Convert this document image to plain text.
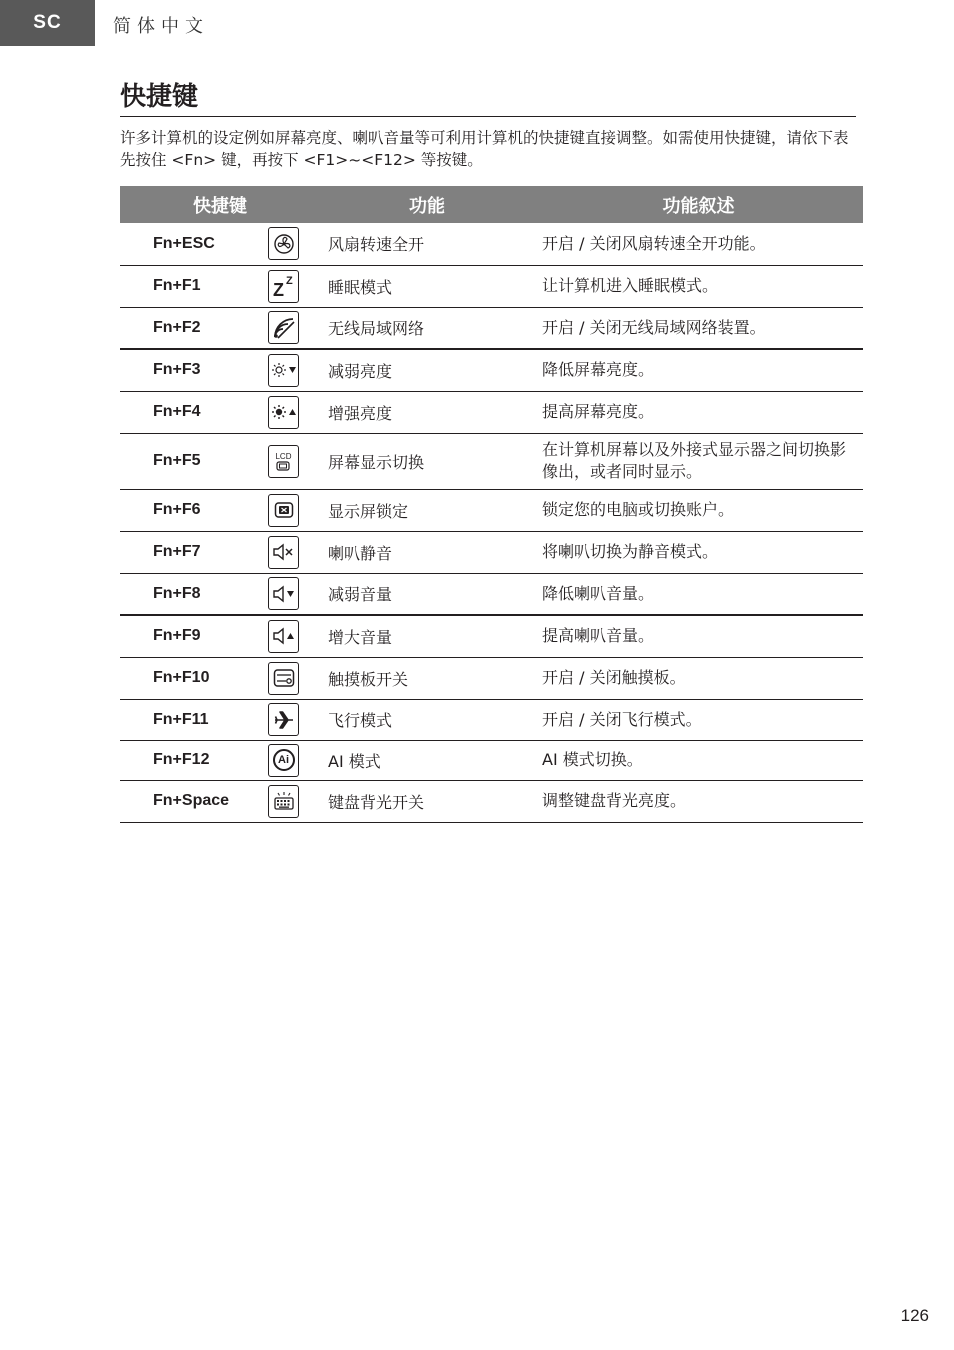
SC	简体中文
快捷键

许多计算机的设定例如屏幕亮度、喇叭音量等可利用计算机的快捷键直接调整。如需使用快捷键，请依下表先按住 <Fn> 键，再按下 <F1>~<F12> 等按键。

快捷键		功能	功能叙述
Fn+ESC		风扇转速全开	开启 / 关闭风扇转速全开功能。
Fn+F1	Z Z	睡眠模式	让计算机进入睡眠模式。
Fn+F2		无线局域网络	开启 / 关闭无线局域网络装置。
Fn+F3		减弱亮度	降低屏幕亮度。
Fn+F4		增强亮度	提高屏幕亮度。
Fn+F5	LCD	屏幕显示切换	在计算机屏幕以及外接式显示器之间切换影像出，或者同时显示。
Fn+F6		显示屏锁定	锁定您的电脑或切换账户。
Fn+F7		喇叭静音	将喇叭切换为静音模式。
Fn+F8		减弱音量	降低喇叭音量。
Fn+F9		增大音量	提高喇叭音量。
Fn+F10		触摸板开关	开启 / 关闭触摸板。
Fn+F11		飞行模式	开启 / 关闭飞行模式。
Fn+F12	Ai	AI 模式	AI 模式切换。
Fn+Space		键盘背光开关	调整键盘背光亮度。
126
